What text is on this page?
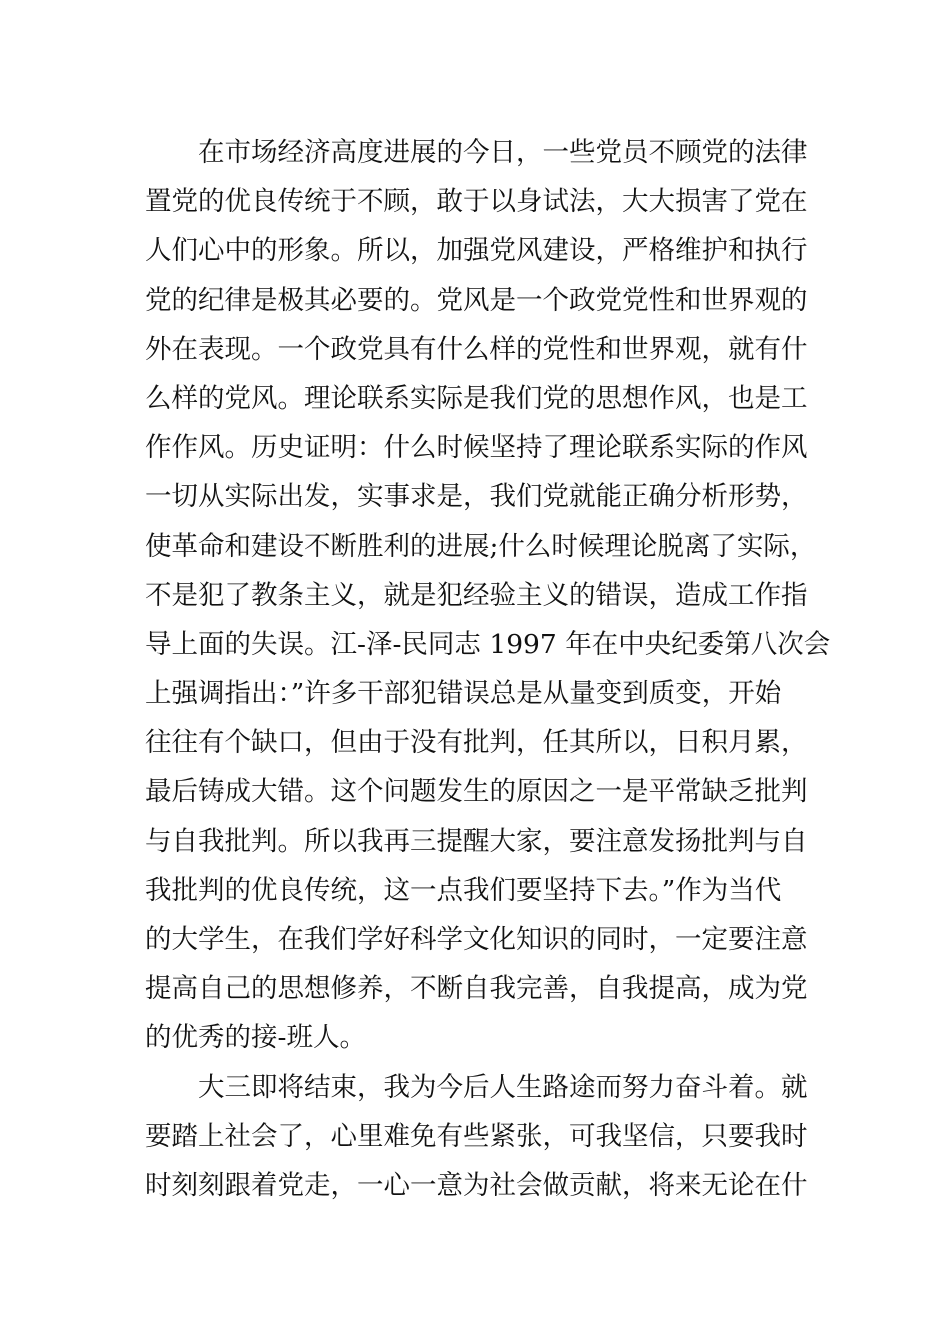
在市场经济高度进展的今日，一些党员不顾党的法律
置党的优良传统于不顾，敢于以身试法，大大损害了党在
人们心中的形象。所以，加强党风建设，严格维护和执行
党的纪律是极其必要的。党风是一个政党党性和世界观的
外在表现。一个政党具有什么样的党性和世界观，就有什
么样的党风。理论联系实际是我们党的思想作风，也是工
作作风。历史证明：什么时候坚持了理论联系实际的作风
一切从实际出发，实事求是，我们党就能正确分析形势，
使革命和建设不断胜利的进展;什么时候理论脱离了实际，
不是犯了教条主义，就是犯经验主义的错误，造成工作指
导上面的失误。江-泽-民同志 1997 年在中央纪委第八次会
上强调指出：”许多干部犯错误总是从量变到质变，开始
往往有个缺口，但由于没有批判，任其所以，日积月累，
最后铸成大错。这个问题发生的原因之一是平常缺乏批判
与自我批判。所以我再三提醒大家，要注意发扬批判与自
我批判的优良传统，这一点我们要坚持下去。”作为当代
的大学生，在我们学好科学文化知识的同时，一定要注意
提高自己的思想修养，不断自我完善，自我提高，成为党
的优秀的接-班人。
大三即将结束，我为今后人生路途而努力奋斗着。就
要踏上社会了，心里难免有些紧张，可我坚信，只要我时
时刻刻跟着党走，一心一意为社会做贡献，将来无论在什
